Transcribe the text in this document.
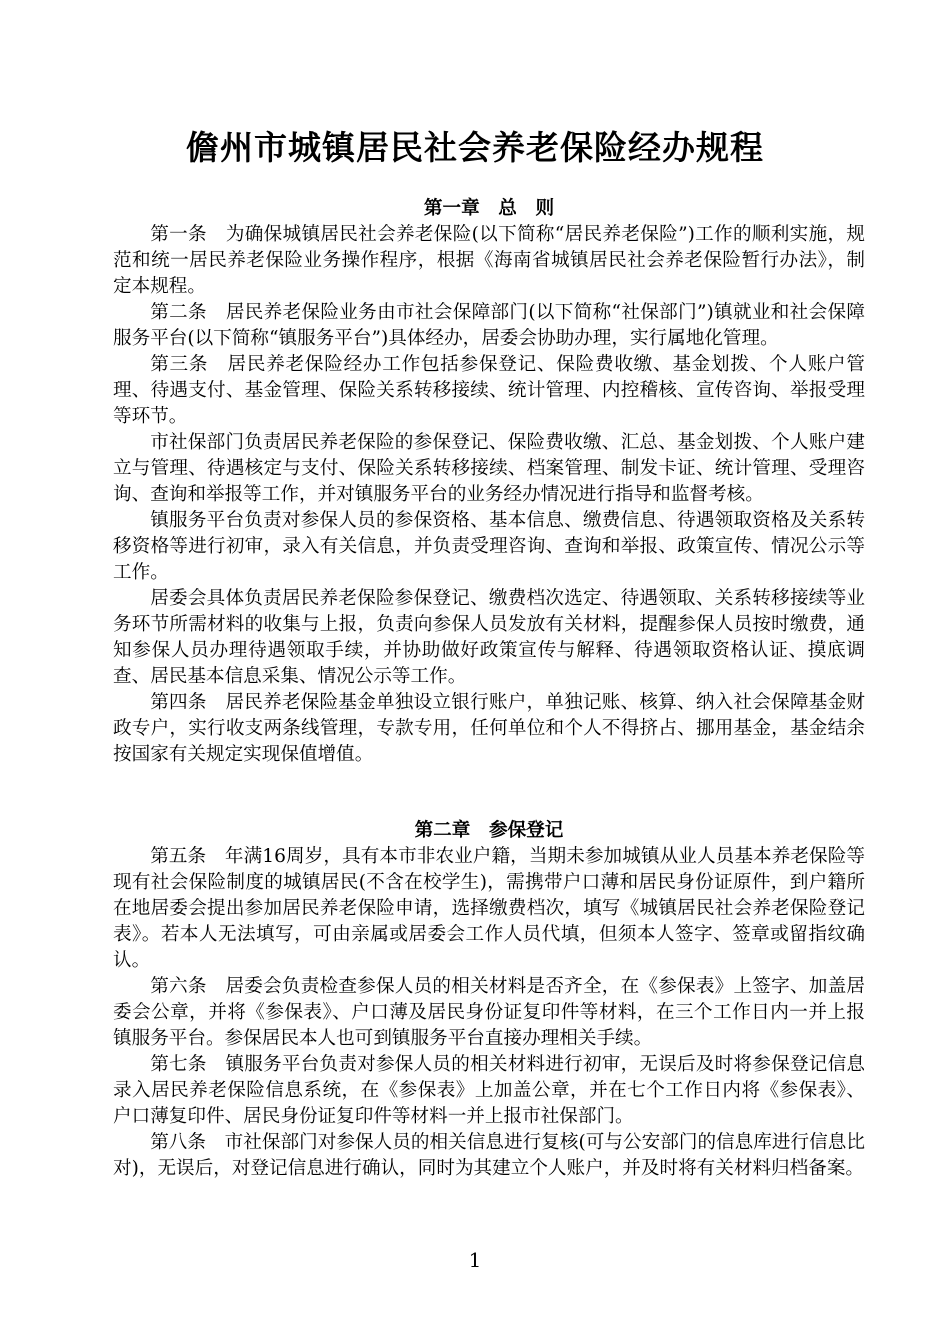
儋州市城镇居民社会养老保险经办规程

第一章　总　则

第一条　为确保城镇居民社会养老保险(以下简称“居民养老保险”)工作的顺利实施，规范和统一居民养老保险业务操作程序，根据《海南省城镇居民社会养老保险暂行办法》，制定本规程。

第二条　居民养老保险业务由市社会保障部门(以下简称“社保部门”)镇就业和社会保障服务平台(以下简称“镇服务平台”)具体经办，居委会协助办理，实行属地化管理。

第三条　居民养老保险经办工作包括参保登记、保险费收缴、基金划拨、个人账户管理、待遇支付、基金管理、保险关系转移接续、统计管理、内控稽核、宣传咨询、举报受理等环节。

市社保部门负责居民养老保险的参保登记、保险费收缴、汇总、基金划拨、个人账户建立与管理、待遇核定与支付、保险关系转移接续、档案管理、制发卡证、统计管理、受理咨询、查询和举报等工作，并对镇服务平台的业务经办情况进行指导和监督考核。

镇服务平台负责对参保人员的参保资格、基本信息、缴费信息、待遇领取资格及关系转移资格等进行初审，录入有关信息，并负责受理咨询、查询和举报、政策宣传、情况公示等工作。

居委会具体负责居民养老保险参保登记、缴费档次选定、待遇领取、关系转移接续等业务环节所需材料的收集与上报，负责向参保人员发放有关材料，提醒参保人员按时缴费，通知参保人员办理待遇领取手续，并协助做好政策宣传与解释、待遇领取资格认证、摸底调查、居民基本信息采集、情况公示等工作。

第四条　居民养老保险基金单独设立银行账户，单独记账、核算、纳入社会保障基金财政专户，实行收支两条线管理，专款专用，任何单位和个人不得挤占、挪用基金，基金结余按国家有关规定实现保值增值。

第二章　参保登记

第五条　年满16周岁，具有本市非农业户籍，当期未参加城镇从业人员基本养老保险等现有社会保险制度的城镇居民(不含在校学生)，需携带户口薄和居民身份证原件，到户籍所在地居委会提出参加居民养老保险申请，选择缴费档次，填写《城镇居民社会养老保险登记表》。若本人无法填写，可由亲属或居委会工作人员代填，但须本人签字、签章或留指纹确认。

第六条　居委会负责检查参保人员的相关材料是否齐全，在《参保表》上签字、加盖居委会公章，并将《参保表》、户口薄及居民身份证复印件等材料，在三个工作日内一并上报镇服务平台。参保居民本人也可到镇服务平台直接办理相关手续。

第七条　镇服务平台负责对参保人员的相关材料进行初审，无误后及时将参保登记信息录入居民养老保险信息系统，在《参保表》上加盖公章，并在七个工作日内将《参保表》、户口薄复印件、居民身份证复印件等材料一并上报市社保部门。

第八条　市社保部门对参保人员的相关信息进行复核(可与公安部门的信息库进行信息比对)，无误后，对登记信息进行确认，同时为其建立个人账户，并及时将有关材料归档备案。

1
